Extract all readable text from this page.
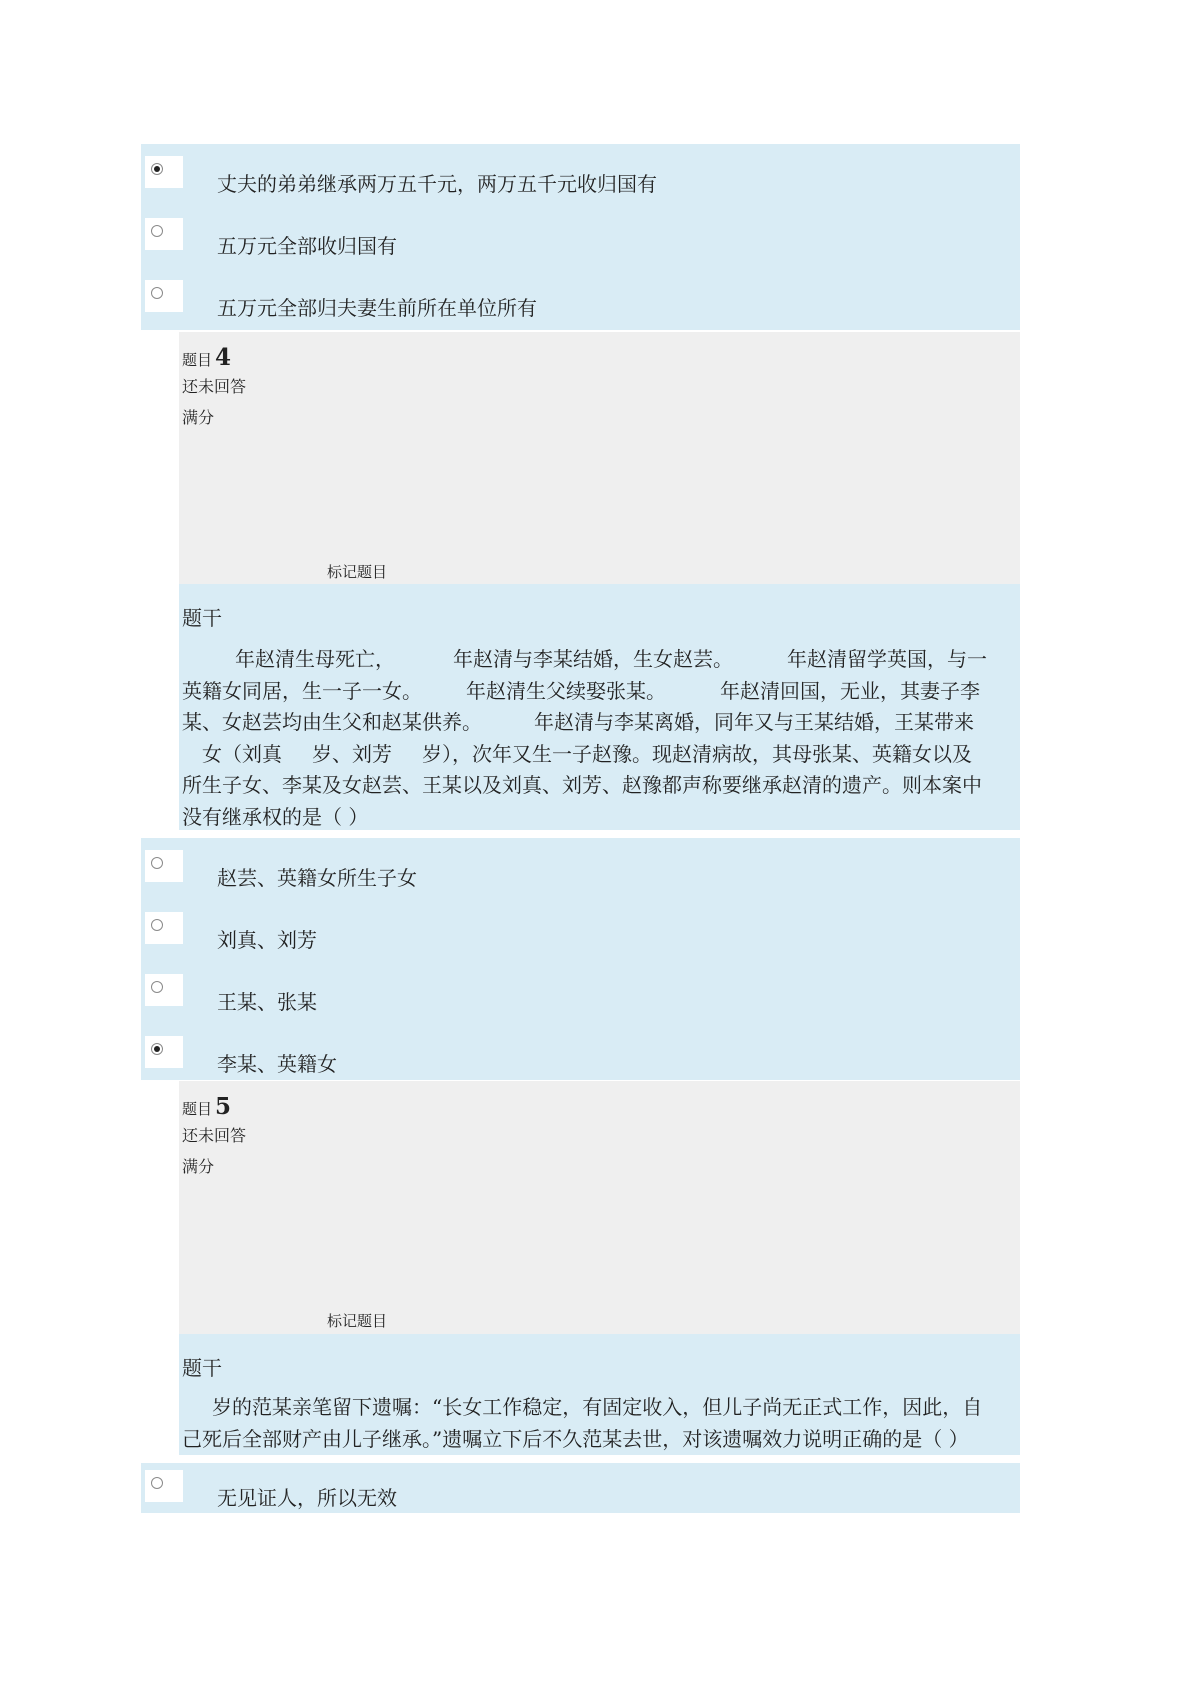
丈夫的弟弟继承两万五千元，两万五千元收归国有
五万元全部收归国有
五万元全部归夫妻生前所在单位所有
题目 4
还未回答
满分
标记题目
题干
年赵清生母死亡，	年赵清与李某结婚，生女赵芸。	年赵清留学英国，与一
英籍女同居，生一子一女。 年赵清生父续娶张某。	年赵清回国，无业，其妻子李
某、女赵芸均由生父和赵某供养。	年赵清与李某离婚，同年又与王某结婚，王某带来
女（刘真 岁、刘芳 岁），次年又生一子赵豫。现赵清病故，其母张某、英籍女以及
所生子女、李某及女赵芸、王某以及刘真、刘芳、赵豫都声称要继承赵清的遗产。则本案中
没有继承权的是（ ）
赵芸、英籍女所生子女
刘真、刘芳
王某、张某
李某、英籍女
题目 5
还未回答
满分
标记题目
题干
岁的范某亲笔留下遗嘱：“长女工作稳定，有固定收入，但儿子尚无正式工作，因此，自
己死后全部财产由儿子继承。”遗嘱立下后不久范某去世，对该遗嘱效力说明正确的是（ ）
无见证人，所以无效
